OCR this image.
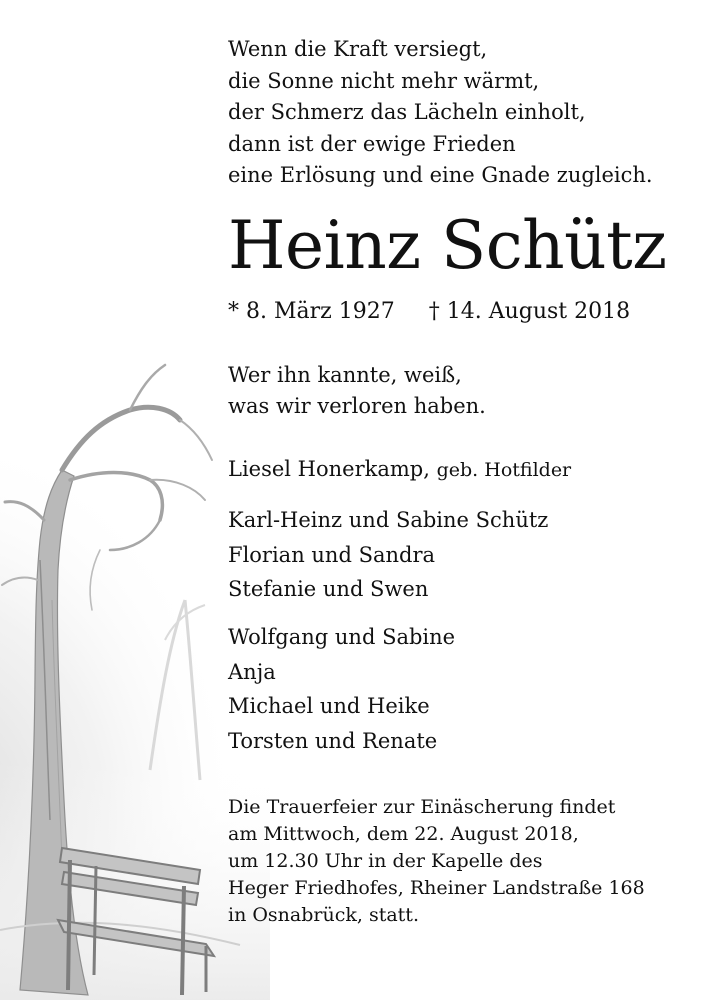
Wenn die Kraft versiegt,
die Sonne nicht mehr wärmt,
der Schmerz das Lächeln einholt,
dann ist der ewige Frieden
eine Erlösung und eine Gnade zugleich.

Heinz Schütz

* 8. März 1927 † 14. August 2018

Wer ihn kannte, weiß,
was wir verloren haben.

Liesel Honerkamp, geb. Hotfilder

Karl-Heinz und Sabine Schütz
Florian und Sandra
Stefanie und Swen

Wolfgang und Sabine
Anja
Michael und Heike
Torsten und Renate

Die Trauerfeier zur Einäscherung findet
am Mittwoch, dem 22. August 2018,
um 12.30 Uhr in der Kapelle des
Heger Friedhofes, Rheiner Landstraße 168
in Osnabrück, statt.
